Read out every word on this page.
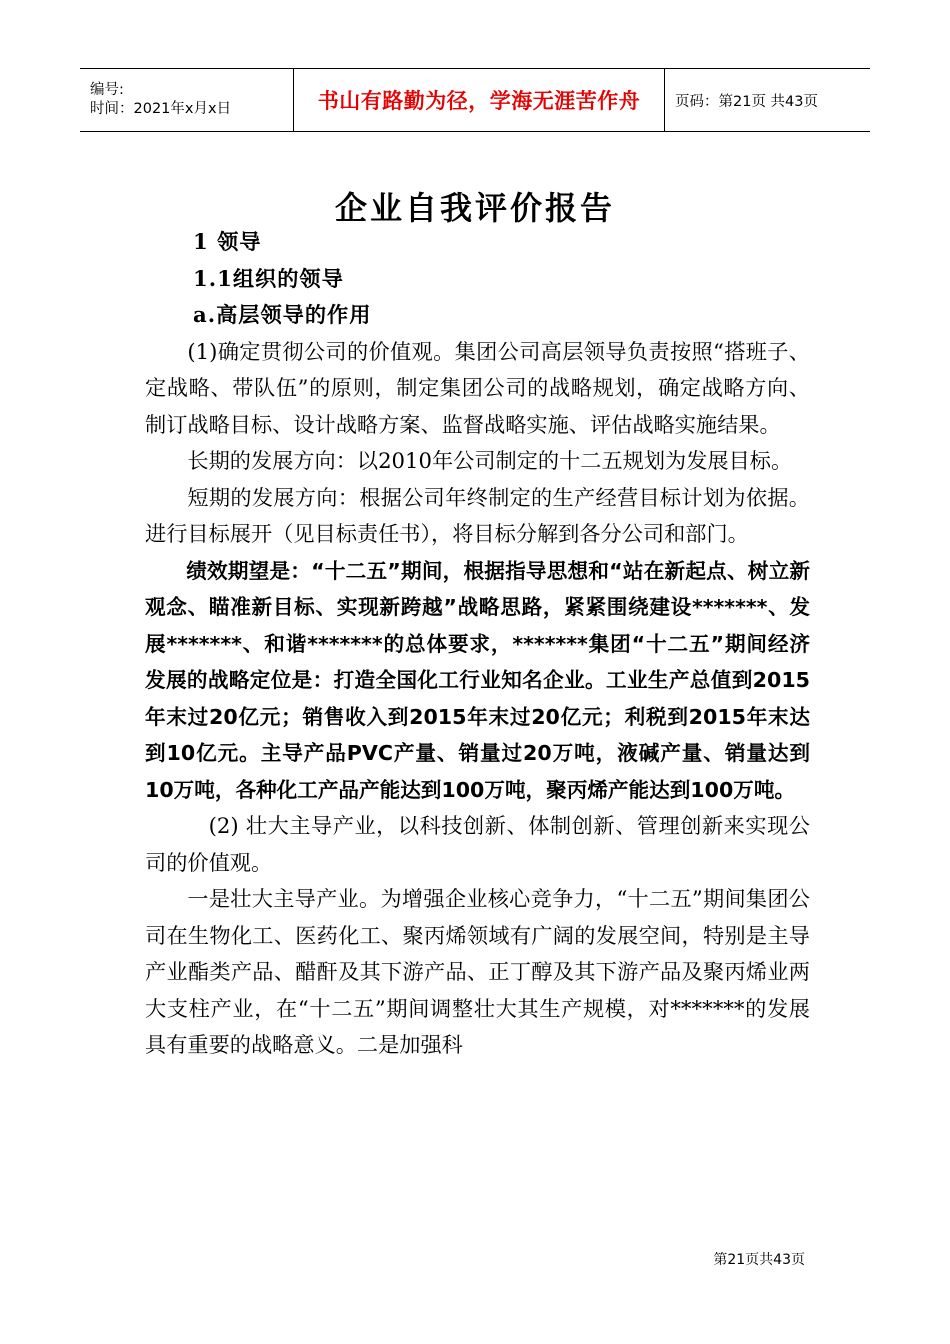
编号:
时间：2021年x月x日	书山有路勤为径，学海无涯苦作舟 页码：第21页 共43页
企业自我评价报告

1 领导

1.1组织的领导

a.高层领导的作用

(1)确定贯彻公司的价值观。集团公司高层领导负责按照“搭班子、定战略、带队伍”的原则，制定集团公司的战略规划，确定战略方向、制订战略目标、设计战略方案、监督战略实施、评估战略实施结果。

长期的发展方向：以2010年公司制定的十二五规划为发展目标。

短期的发展方向：根据公司年终制定的生产经营目标计划为依据。进行目标展开（见目标责任书），将目标分解到各分公司和部门。

绩效期望是：“十二五”期间，根据指导思想和“站在新起点、树立新观念、瞄准新目标、实现新跨越”战略思路，紧紧围绕建设*******、发展*******、和谐*******的总体要求，*******集团“十二五”期间经济发展的战略定位是：打造全国化工行业知名企业。工业生产总值到2015年末过20亿元；销售收入到2015年末过20亿元；利税到2015年末达到10亿元。主导产品PVC产量、销量过20万吨，液碱产量、销量达到10万吨，各种化工产品产能达到100万吨，聚丙烯产能达到100万吨。

(2) 壮大主导产业，以科技创新、体制创新、管理创新来实现公司的价值观。

一是壮大主导产业。为增强企业核心竞争力，“十二五”期间集团公司在生物化工、医药化工、聚丙烯领域有广阔的发展空间，特别是主导产业酯类产品、醋酐及其下游产品、正丁醇及其下游产品及聚丙烯业两大支柱产业，在“十二五”期间调整壮大其生产规模，对*******的发展具有重要的战略意义。二是加强科

第21页共43页
